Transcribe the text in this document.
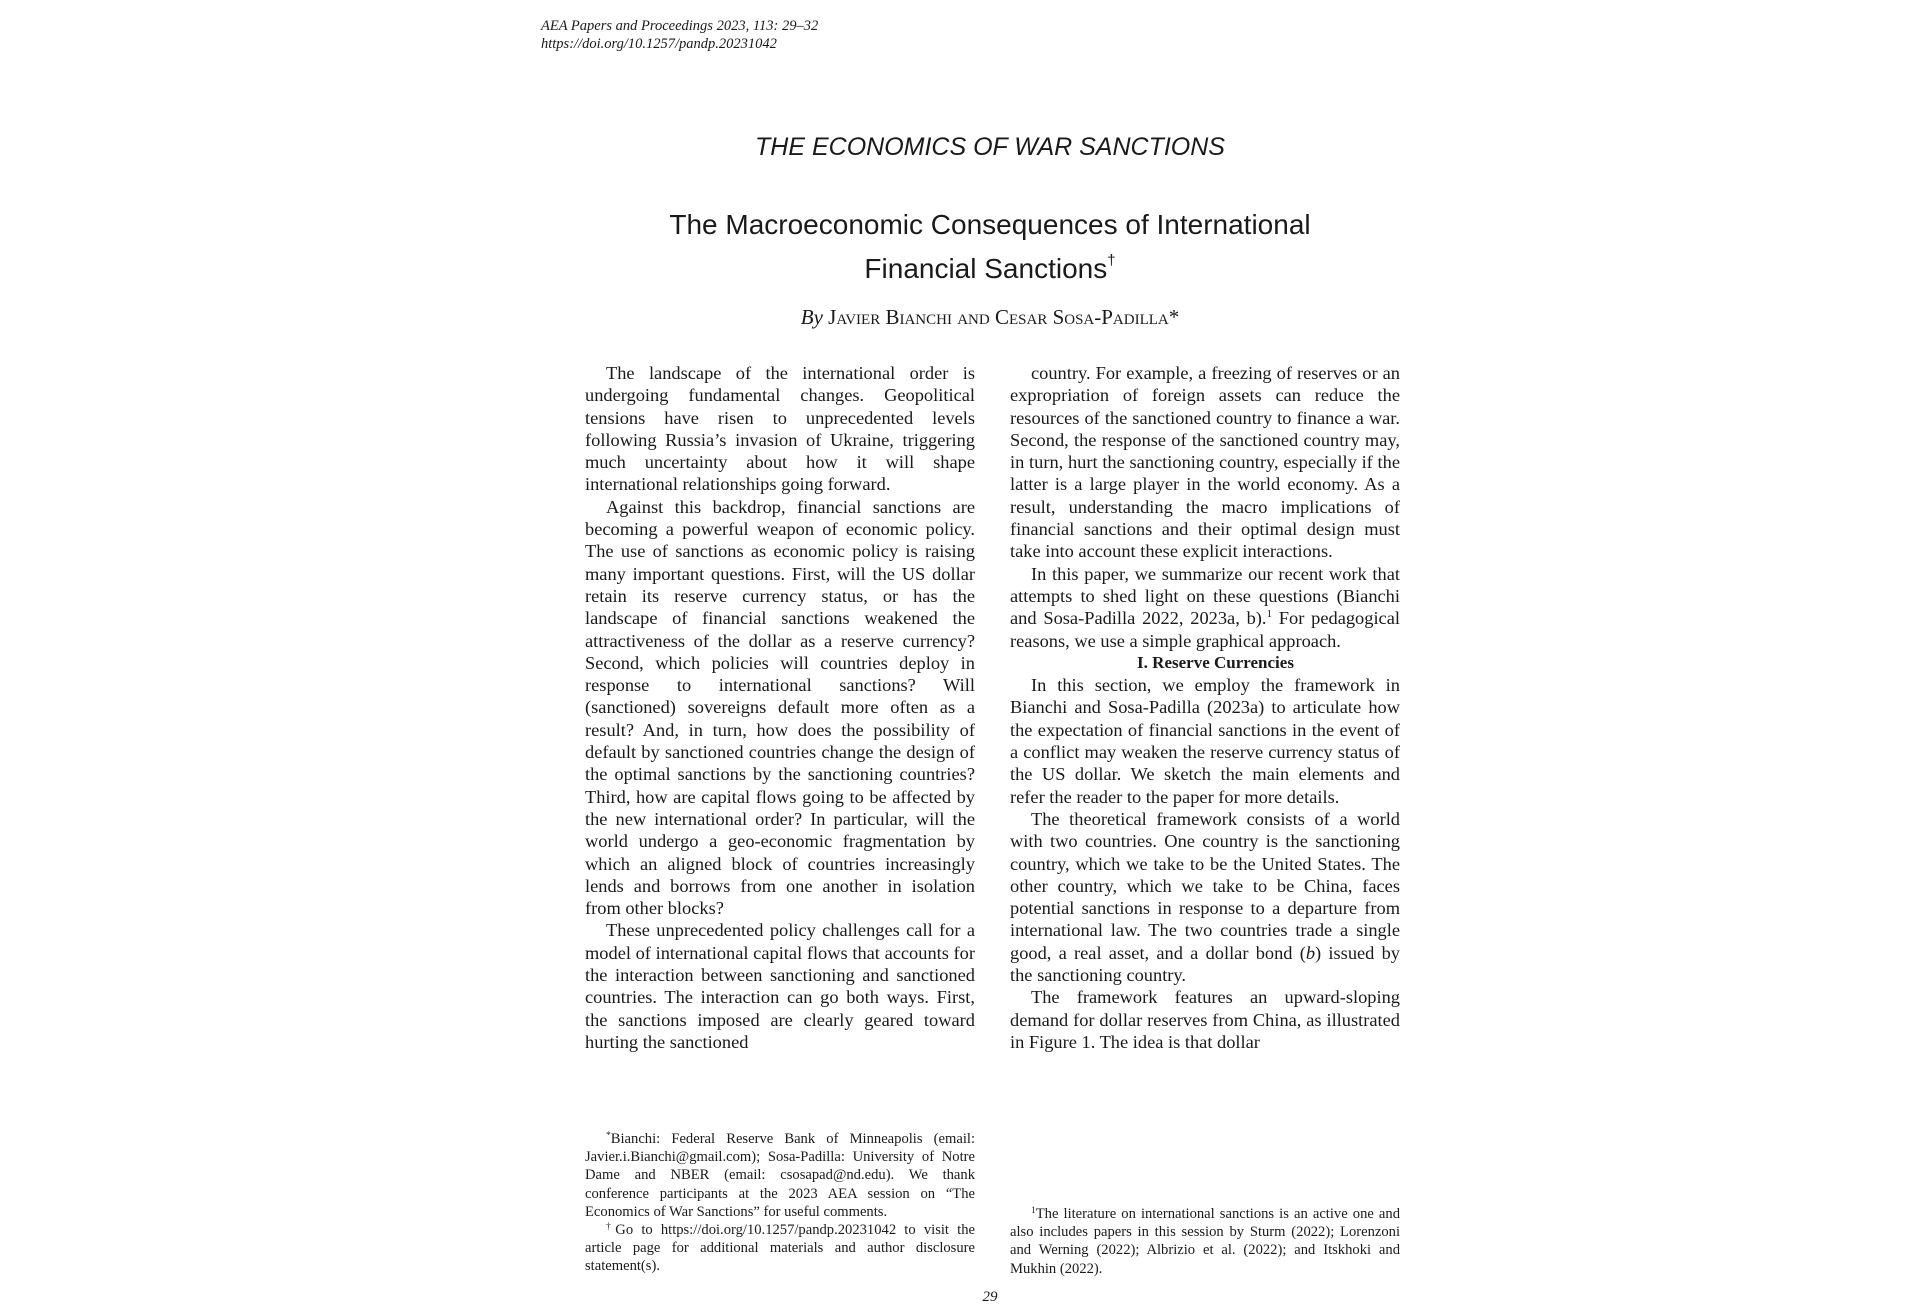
AEA Papers and Proceedings 2023, 113: 29–32
https://doi.org/10.1257/pandp.20231042
THE ECONOMICS OF WAR SANCTIONS
The Macroeconomic Consequences of International
Financial Sanctions†
By Javier Bianchi and Cesar Sosa-Padilla*

The landscape of the international order is undergoing fundamental changes. Geopolitical tensions have risen to unprecedented levels following Russia’s invasion of Ukraine, triggering much uncertainty about how it will shape international relationships going forward.

Against this backdrop, financial sanctions are becoming a powerful weapon of economic policy. The use of sanctions as economic policy is raising many important questions. First, will the US dollar retain its reserve currency status, or has the landscape of financial sanctions weakened the attractiveness of the dollar as a reserve currency? Second, which policies will countries deploy in response to international sanctions? Will (sanctioned) sovereigns default more often as a result? And, in turn, how does the possibility of default by sanctioned countries change the design of the optimal sanctions by the sanctioning countries? Third, how are capital flows going to be affected by the new international order? In particular, will the world undergo a geo-economic fragmentation by which an aligned block of countries increasingly lends and borrows from one another in isolation from other blocks?

These unprecedented policy challenges call for a model of international capital flows that accounts for the interaction between sanctioning and sanctioned countries. The interaction can go both ways. First, the sanctions imposed are clearly geared toward hurting the sanctioned

country. For example, a freezing of reserves or an expropriation of foreign assets can reduce the resources of the sanctioned country to finance a war. Second, the response of the sanctioned country may, in turn, hurt the sanctioning country, especially if the latter is a large player in the world economy. As a result, understanding the macro implications of financial sanctions and their optimal design must take into account these explicit interactions.

In this paper, we summarize our recent work that attempts to shed light on these questions (Bianchi and Sosa-Padilla 2022, 2023a, b).$^1$ For pedagogical reasons, we use a simple graphical approach.

I. Reserve Currencies

In this section, we employ the framework in Bianchi and Sosa-Padilla (2023a) to articulate how the expectation of financial sanctions in the event of a conflict may weaken the reserve currency status of the US dollar. We sketch the main elements and refer the reader to the paper for more details.

The theoretical framework consists of a world with two countries. One country is the sanctioning country, which we take to be the United States. The other country, which we take to be China, faces potential sanctions in response to a departure from international law. The two countries trade a single good, a real asset, and a dollar bond (b) issued by the sanctioning country.

The framework features an upward-sloping demand for dollar reserves from China, as illustrated in Figure 1. The idea is that dollar

*Bianchi: Federal Reserve Bank of Minneapolis (email: Javier.i.Bianchi@gmail.com); Sosa-Padilla: University of Notre Dame and NBER (email: csosapad@nd.edu). We thank conference participants at the 2023 AEA session on “The Economics of War Sanctions” for useful comments.

†Go to https://doi.org/10.1257/pandp.20231042 to visit the article page for additional materials and author disclosure statement(s).

$^1$The literature on international sanctions is an active one and also includes papers in this session by Sturm (2022); Lorenzoni and Werning (2022); Albrizio et al. (2022); and Itskhoki and Mukhin (2022).

29
